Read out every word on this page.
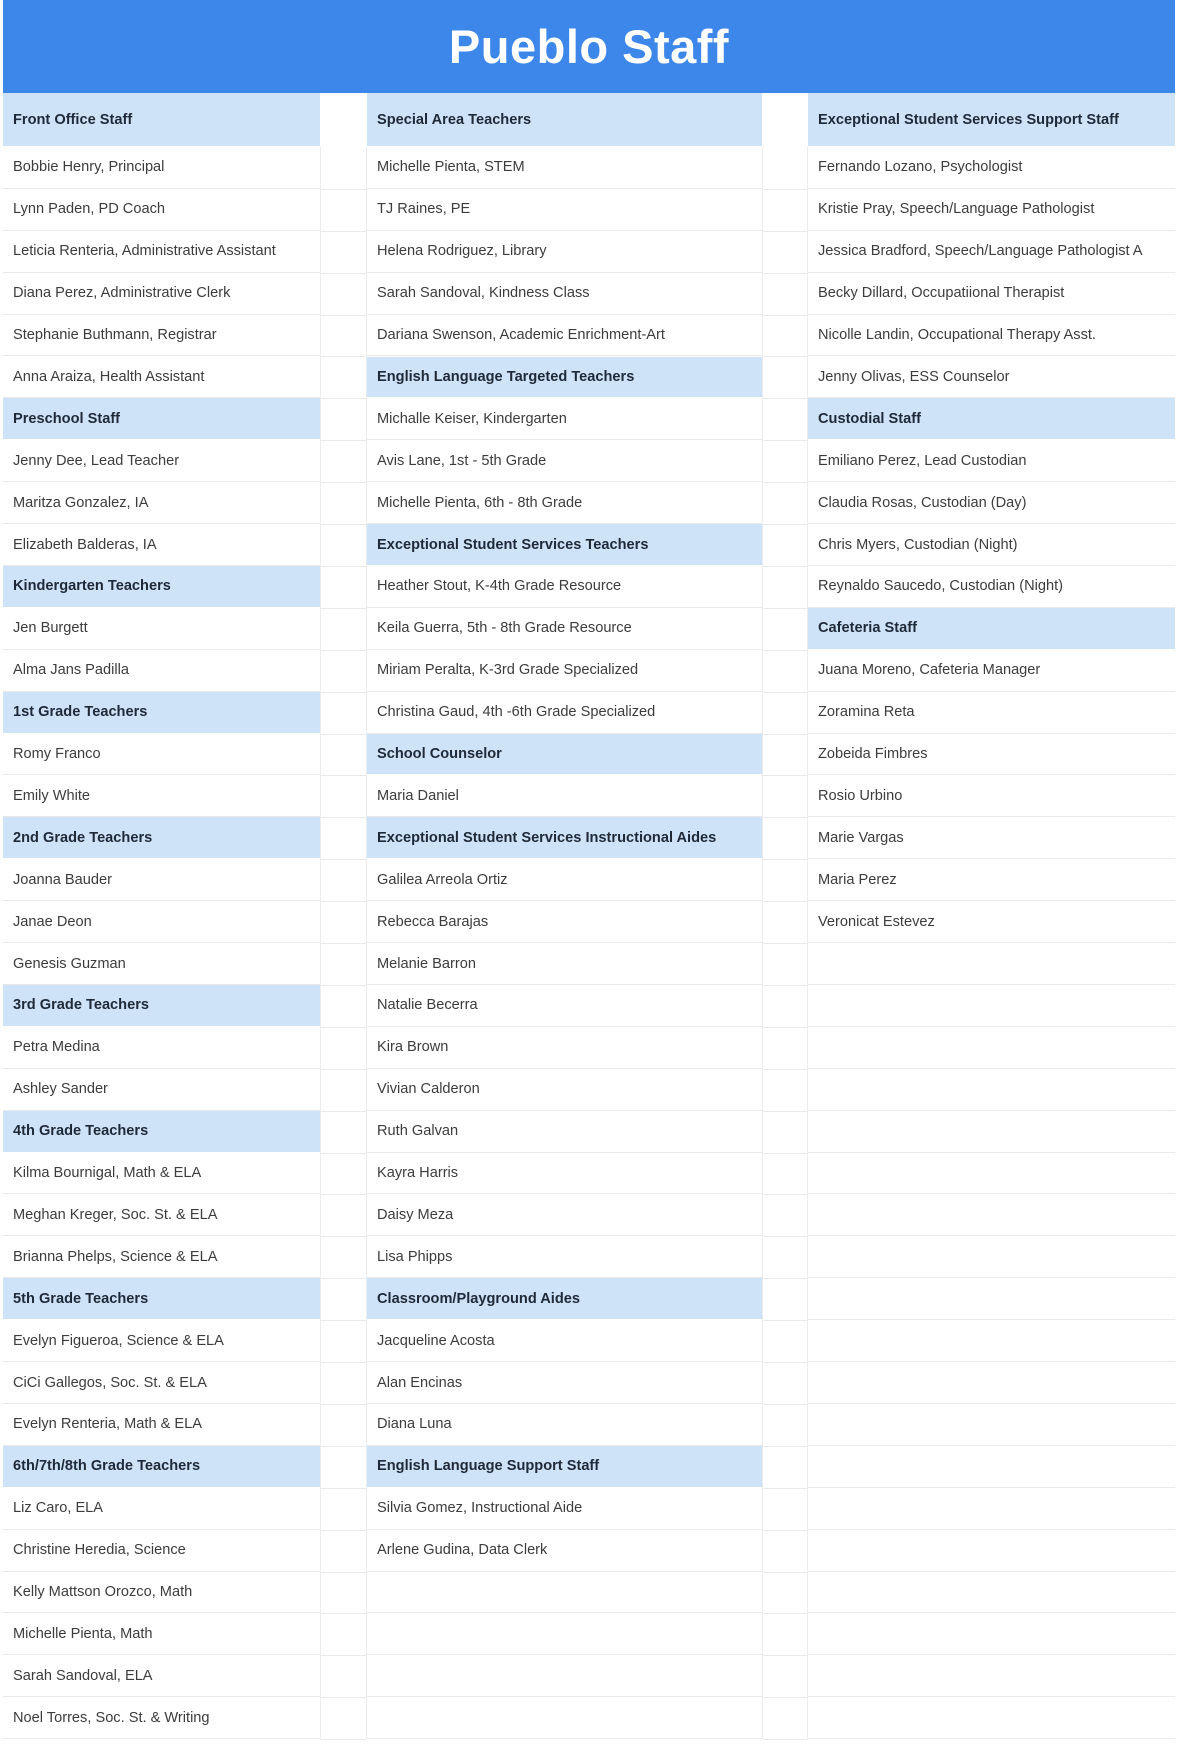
Pueblo Staff
Front Office Staff
Bobbie Henry, Principal
Lynn Paden, PD Coach
Leticia Renteria, Administrative Assistant
Diana Perez, Administrative Clerk
Stephanie Buthmann, Registrar
Anna Araiza, Health Assistant
Preschool Staff
Jenny Dee, Lead Teacher
Maritza Gonzalez, IA
Elizabeth Balderas, IA
Kindergarten Teachers
Jen Burgett
Alma Jans Padilla
1st Grade Teachers
Romy Franco
Emily White
2nd Grade Teachers
Joanna Bauder
Janae Deon
Genesis Guzman
3rd Grade Teachers
Petra Medina
Ashley Sander
4th Grade Teachers
Kilma Bournigal, Math & ELA
Meghan Kreger, Soc. St. & ELA
Brianna Phelps, Science & ELA
5th Grade Teachers
Evelyn Figueroa, Science & ELA
CiCi Gallegos, Soc. St. & ELA
Evelyn Renteria, Math & ELA
6th/7th/8th Grade Teachers
Liz Caro, ELA
Christine Heredia, Science
Kelly Mattson Orozco, Math
Michelle Pienta, Math
Sarah Sandoval, ELA
Noel Torres, Soc. St. & Writing
Special Area Teachers
Michelle Pienta, STEM
TJ Raines, PE
Helena Rodriguez, Library
Sarah Sandoval, Kindness Class
Dariana Swenson, Academic Enrichment-Art
English Language Targeted Teachers
Michalle Keiser, Kindergarten
Avis Lane, 1st - 5th Grade
Michelle Pienta, 6th - 8th Grade
Exceptional Student Services Teachers
Heather Stout, K-4th Grade Resource
Keila Guerra, 5th - 8th Grade Resource
Miriam Peralta, K-3rd Grade Specialized
Christina Gaud, 4th -6th Grade Specialized
School Counselor
Maria Daniel
Exceptional Student Services Instructional Aides
Galilea Arreola Ortiz
Rebecca Barajas
Melanie Barron
Natalie Becerra
Kira Brown
Vivian Calderon
Ruth Galvan
Kayra Harris
Daisy Meza
Lisa Phipps
Classroom/Playground Aides
Jacqueline Acosta
Alan Encinas
Diana Luna
English Language Support Staff
Silvia Gomez, Instructional Aide
Arlene Gudina, Data Clerk
Exceptional Student Services Support Staff
Fernando Lozano, Psychologist
Kristie Pray, Speech/Language Pathologist
Jessica Bradford, Speech/Language Pathologist A
Becky Dillard, Occupatiional Therapist
Nicolle Landin, Occupational Therapy Asst.
Jenny Olivas, ESS Counselor
Custodial Staff
Emiliano Perez, Lead Custodian
Claudia Rosas, Custodian (Day)
Chris Myers, Custodian (Night)
Reynaldo Saucedo, Custodian (Night)
Cafeteria Staff
Juana Moreno, Cafeteria Manager
Zoramina Reta
Zobeida Fimbres
Rosio Urbino
Marie Vargas
Maria Perez
Veronicat Estevez
